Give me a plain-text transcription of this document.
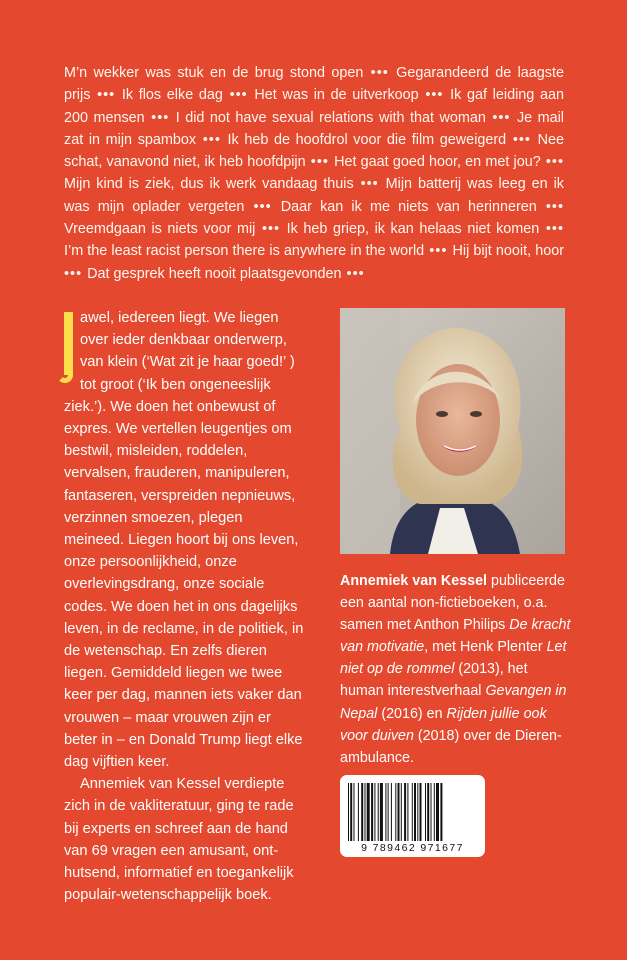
M’n wekker was stuk en de brug stond open ••• Gegarandeerd de laagste prijs ••• Ik flos elke dag ••• Het was in de uitverkoop ••• Ik gaf leiding aan 200 mensen ••• I did not have sexual relations with that woman ••• Je mail zat in mijn spambox ••• Ik heb de hoofdrol voor die film geweigerd ••• Nee schat, vanavond niet, ik heb hoofdpijn ••• Het gaat goed hoor, en met jou? ••• Mijn kind is ziek, dus ik werk vandaag thuis ••• Mijn batterij was leeg en ik was mijn oplader vergeten ••• Daar kan ik me niets van herinneren ••• Vreemdgaan is niets voor mij ••• Ik heb griep, ik kan helaas niet komen ••• I’m the least racist person there is anywhere in the world ••• Hij bijt nooit, hoor ••• Dat gesprek heeft nooit plaatsgevonden •••

awel, iedereen liegt. We liegen over ieder denkbaar onderwerp, van klein (‘Wat zit je haar goed!’ ) tot groot (‘Ik ben ongeneeslijk ziek.’). We doen het onbewust of expres. We vertellen leugentjes om bestwil, misleiden, roddelen, vervalsen, frauderen, manipuleren, fantaseren, verspreiden nepnieuws, verzinnen smoezen, plegen meineed. Liegen hoort bij ons leven, onze persoonlijkheid, onze overlevingsdrang, onze sociale codes. We doen het in ons dagelijks leven, in de reclame, in de politiek, in de wetenschap. En zelfs dieren liegen. Gemiddeld liegen we twee keer per dag, mannen iets vaker dan vrouwen – maar vrouwen zijn er beter in – en Donald Trump liegt elke dag vijftien keer.

Annemiek van Kessel verdiepte zich in de vakliteratuur, ging te rade bij experts en schreef aan de hand van 69 vragen een amusant, onthutsend, informatief en toegankelijk populair-wetenschappelijk boek.

Annemiek van Kessel publiceerde een aantal non-fictieboeken, o.a. samen met Anthon Philips De kracht van motivatie, met Henk Plenter Let niet op de rommel (2013), het human interestverhaal Gevangen in Nepal (2016) en Rijden jullie ook voor duiven (2018) over de Dierenambulance.
9 789462 971677
